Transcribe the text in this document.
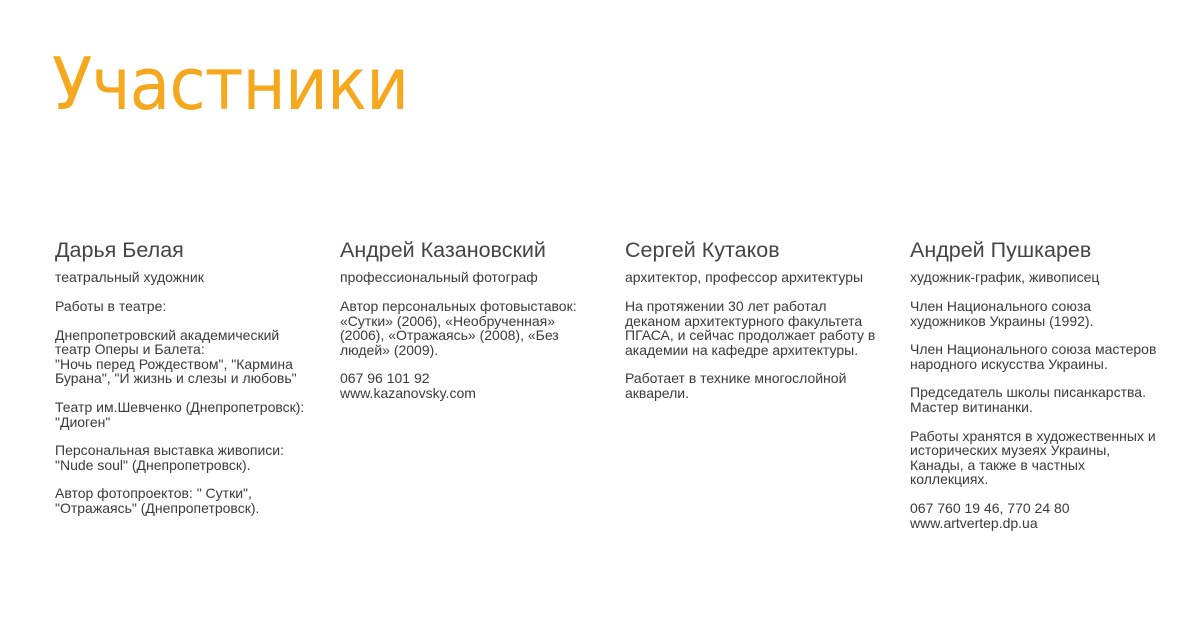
Участники
Дарья Белая
театральный художник
Работы в театре:
Днепропетровский академический
театр Оперы и Балета:
"Ночь перед Рождеством", "Кармина
Бурана", "И жизнь и слезы и любовь"
Театр им.Шевченко (Днепропетровск):
"Диоген"
Персональная выставка живописи:
"Nude soul" (Днепропетровск).
Автор фотопроектов: " Сутки",
"Отражаясь" (Днепропетровск).
Андрей Казановский
профессиональный фотограф
Автор персональных фотовыставок:
«Сутки» (2006), «Необрученная»
(2006), «Отражаясь» (2008), «Без
людей» (2009).
067 96 101 92
www.kazanovsky.com
Сергей Кутаков
архитектор, профессор архитектуры
На протяжении 30 лет работал
деканом архитектурного факультета
ПГАСА, и сейчас продолжает работу в
академии на кафедре архитектуры.
Работает в технике многослойной
акварели.
Андрей Пушкарев
художник-график, живописец
Член Национального союза
художников Украины (1992).
Член Национального союза мастеров
народного искусства Украины.
Председатель школы писанкарства.
Мастер витинанки.
Работы хранятся в художественных и
исторических музеях Украины,
Канады, а также в частных
коллекциях.
067 760 19 46, 770 24 80
www.artvertep.dp.ua
